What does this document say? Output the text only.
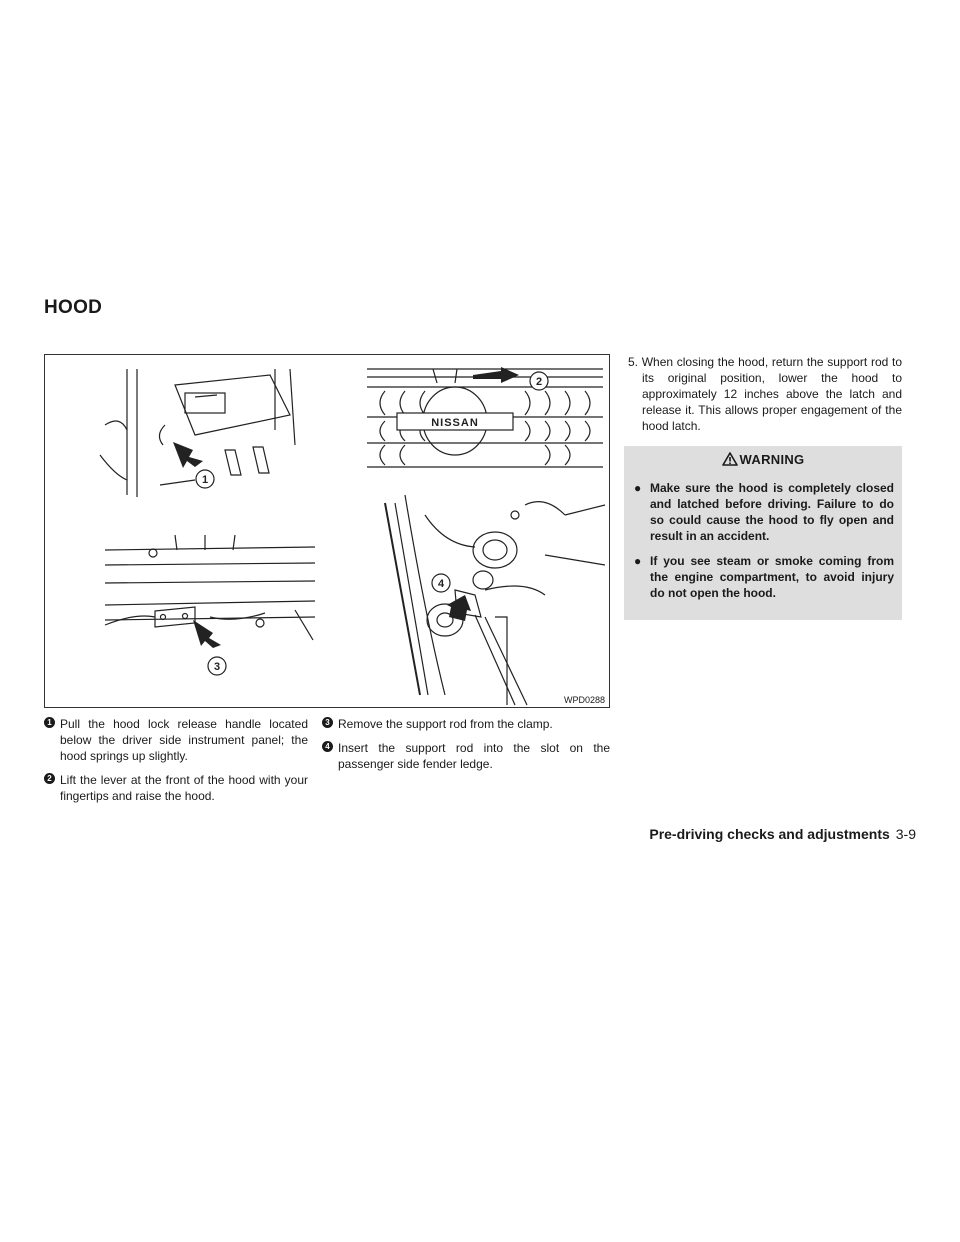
HOOD
1
2
3
4
NISSAN
WPD0288
1 Pull the hood lock release handle located below the driver side instrument panel; the hood springs up slightly.
2 Lift the lever at the front of the hood with your fingertips and raise the hood.
3 Remove the support rod from the clamp.
4 Insert the support rod into the slot on the passenger side fender ledge.
5. When closing the hood, return the support rod to its original position, lower the hood to approximately 12 inches above the latch and release it. This allows proper engagement of the hood latch.
WARNING
● Make sure the hood is completely closed and latched before driving. Failure to do so could cause the hood to fly open and result in an accident.
● If you see steam or smoke coming from the engine compartment, to avoid injury do not open the hood.
Pre-driving checks and adjustments 3-9
